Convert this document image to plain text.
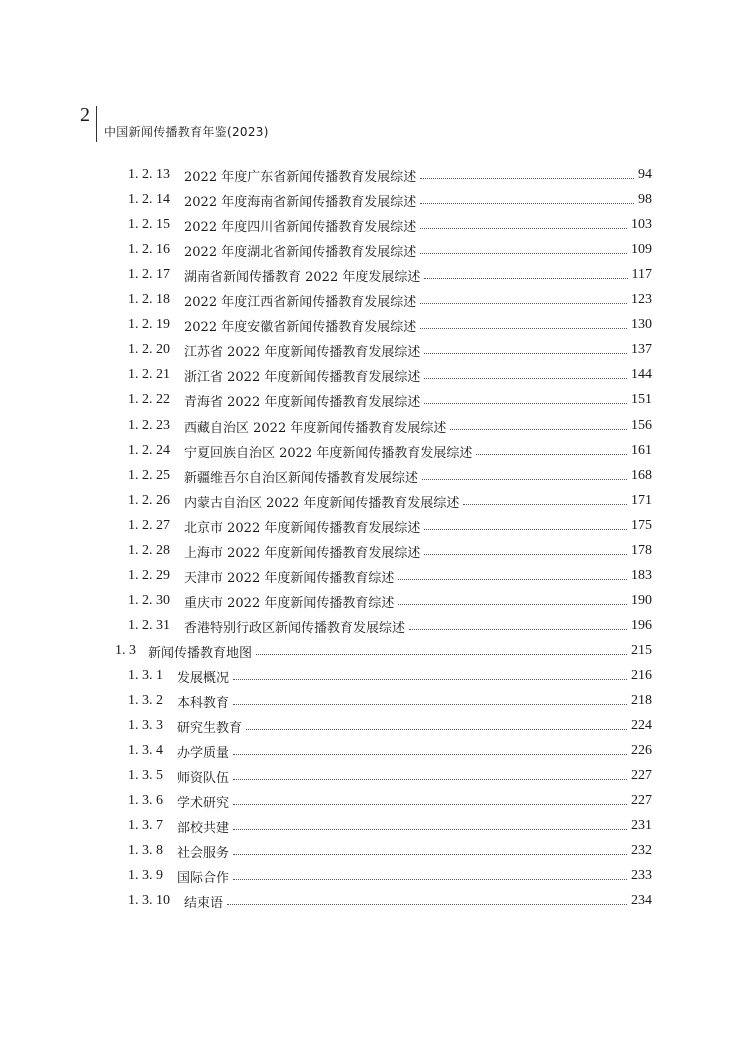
2
中国新闻传播教育年鉴(2023)
1. 2. 13	2022 年度广东省新闻传播教育发展综述	94
1. 2. 14	2022 年度海南省新闻传播教育发展综述	98
1. 2. 15	2022 年度四川省新闻传播教育发展综述	103
1. 2. 16	2022 年度湖北省新闻传播教育发展综述	109
1. 2. 17	湖南省新闻传播教育 2022 年度发展综述	117
1. 2. 18	2022 年度江西省新闻传播教育发展综述	123
1. 2. 19	2022 年度安徽省新闻传播教育发展综述	130
1. 2. 20	江苏省 2022 年度新闻传播教育发展综述	137
1. 2. 21	浙江省 2022 年度新闻传播教育发展综述	144
1. 2. 22	青海省 2022 年度新闻传播教育发展综述	151
1. 2. 23	西藏自治区 2022 年度新闻传播教育发展综述	156
1. 2. 24	宁夏回族自治区 2022 年度新闻传播教育发展综述	161
1. 2. 25	新疆维吾尔自治区新闻传播教育发展综述	168
1. 2. 26	内蒙古自治区 2022 年度新闻传播教育发展综述	171
1. 2. 27	北京市 2022 年度新闻传播教育发展综述	175
1. 2. 28	上海市 2022 年度新闻传播教育发展综述	178
1. 2. 29	天津市 2022 年度新闻传播教育综述	183
1. 2. 30	重庆市 2022 年度新闻传播教育综述	190
1. 2. 31	香港特别行政区新闻传播教育发展综述	196
1. 3 新闻传播教育地图	215
1. 3. 1	发展概况	216
1. 3. 2	本科教育	218
1. 3. 3	研究生教育	224
1. 3. 4	办学质量	226
1. 3. 5	师资队伍	227
1. 3. 6	学术研究	227
1. 3. 7	部校共建	231
1. 3. 8	社会服务	232
1. 3. 9	国际合作	233
1. 3. 10	结束语	234
